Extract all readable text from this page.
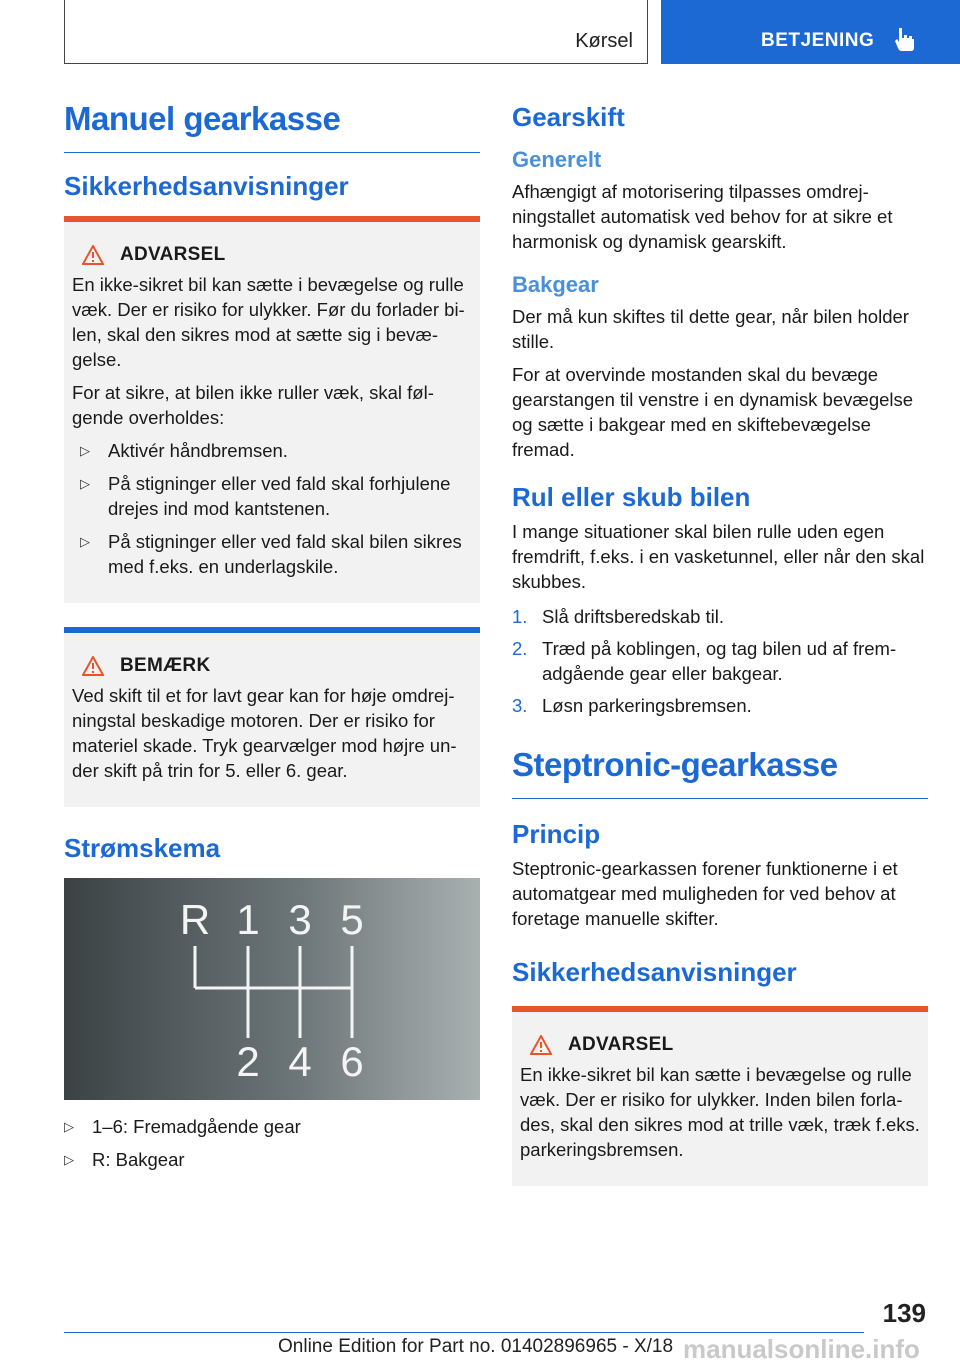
Kørsel	BETJENING
Manuel gearkasse
Sikkerhedsanvisninger
ADVARSEL

En ikke-sikret bil kan sætte i bevægelse og rulle væk. Der er risiko for ulykker. Før du forlader bi-len, skal den sikres mod at sætte sig i bevæ-gelse.

For at sikre, at bilen ikke ruller væk, skal føl-gende overholdes:

▷ Aktivér håndbremsen.
▷ På stigninger eller ved fald skal forhjulene drejes ind mod kantstenen.
▷ På stigninger eller ved fald skal bilen sikres med f.eks. en underlagskile.
BEMÆRK

Ved skift til et for lavt gear kan for høje omdrej-ningstal beskadige motoren. Der er risiko for materiel skade. Tryk gearvælger mod højre un-der skift på trin for 5. eller 6. gear.

Strømskema
R 1 3 5
2 4 6
▷ 1–6: Fremadgående gear
▷ R: Bakgear
Gearskift
Generelt

Afhængigt af motorisering tilpasses omdrej-ningstallet automatisk ved behov for at sikre et harmonisk og dynamisk gearskift.

Bakgear

Der må kun skiftes til dette gear, når bilen holder stille.

For at overvinde mostanden skal du bevæge gearstangen til venstre i en dynamisk bevægelse og sætte i bakgear med en skiftebevægelse fremad.

Rul eller skub bilen

I mange situationer skal bilen rulle uden egen fremdrift, f.eks. i en vasketunnel, eller når den skal skubbes.

1. Slå driftsberedskab til.
2. Træd på koblingen, og tag bilen ud af frem-adgående gear eller bakgear.
3. Løsn parkeringsbremsen.
Steptronic-gearkasse
Princip

Steptronic-gearkassen forener funktionerne i et automatgear med muligheden for ved behov at foretage manuelle skifter.

Sikkerhedsanvisninger
ADVARSEL

En ikke-sikret bil kan sætte i bevægelse og rulle væk. Der er risiko for ulykker. Inden bilen forla-des, skal den sikres mod at trille væk, træk f.eks. parkeringsbremsen.

139
Online Edition for Part no. 01402896965 - X/18 manualsonline.info
